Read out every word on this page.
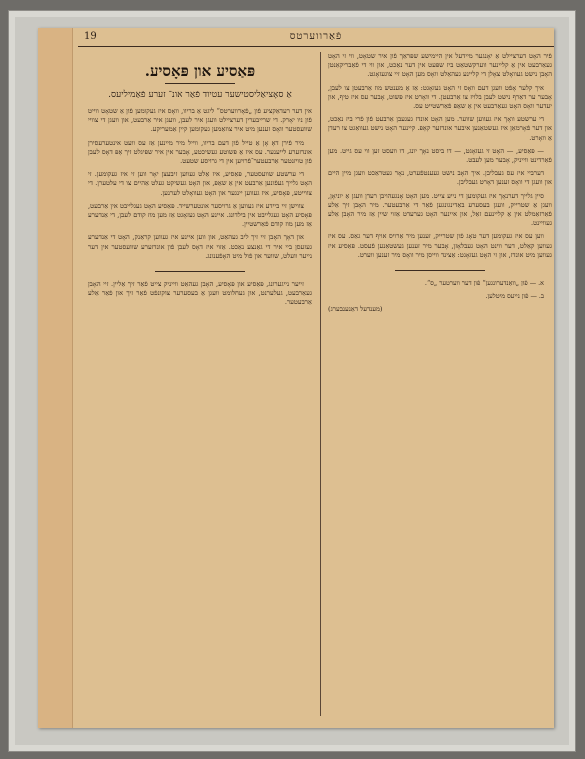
19	פֿאַרווערטס

פֿיר האָט דערציילט אַ יאָנגער מיידעל אין היימישע שפּראַך פֿון איר שטאָט, ווי זי האָט געאַרבעט אין אַ קליינער ווערקשטאַט ביז שפּעט אין דער נאַכט, און ווי די פֿאַבריקאַנטן האָבן נישט געוואָלט צאָלן די קליינע געהאַלט וואָס מען האָט זיי צוגעזאָגט.

איך קלער אָפֿט וועגן דעם וואָס זי האָט געזאָגט: אַז אַ מענטש מוז אַרבעטן צו לעבן, אָבער ער דאַרף נישט לעבן בלויז צו אַרבעטן. די וואָרט איז פּשוט, אָבער עס איז טיף, און יעדער וואָס האָט געאַרבעט אין אַ שאַפּ פֿאַרשטייט עס.

די ערשטע וואָך איז געווען שווער. מען האָט אונדז געגעבן אַרבעט פֿון פֿרי ביז נאַכט, און דער פֿאָרמאַן איז געשטאַנען איבער אונדזער קאָפּ. קיינער האָט נישט געוואַגט צו רעדן אַ וואָרט.

— פּאַסיע, — האָט זי געזאָגט, — דו ביסט נאָך יונג, דו וועסט זען ווי עס גייט. מען פֿאַרדינט ווייניק, אָבער מען לעבט.

דערביי איז עס געבליבן. איך האָב נישט געענטפֿערט, נאָר געטראַכט וועגן מיין היים און וועגן די וואָס זענען דאָרט געבליבן.

סיין גלייך דערנאָך איז געקומען די נייע צייט. מען האָט אָנגעהויבן רעדן וועגן אַ יוניאָן, וועגן אַ שטרייק, וועגן בעסערע באַדינגונגען פֿאַר די אַרבעטער. מיר האָבן זיך אַלע פֿאַרזאַמלט אין אַ קליינעם זאַל, און איינער האָט גערעדט אַזוי שיין אַז מיר האָבן אַלע געוויינט.

ווען עס איז געקומען דער טאָג פֿון שטרייק, זענען מיר אַרויס אויף דער גאַס. עס איז געווען קאַלט, דער ווינט האָט געבלאָזן, אָבער מיר זענען געשטאַנען פֿעסט. פּאַסיע איז געווען מיט אונדז, און זי האָט געזאָגט: אַצינד ווייסן מיר וואָס מיר זענען ווערט.

א. — פֿון „וואַנדערונגען“ פֿון דער ווערטער „ס“.

ב. — פֿון נייעס מיטלען.

(מענדעל דאַנענבערג)

פּאַסיע און פּאָסיע.
אַ סאָציאַליסטישער עטיוד פֿאַר אונ־ זערע פֿאַמיליעס.

אין דער רעדאַקציע פֿון „פֿאָרווערטס“ ליגט אַ בריוו, וואָס איז געקומען פֿון אַ שטאָט ווייט פֿון ניו יאָרק. די שרייבערין דערציילט וועגן איר לעבן, וועגן איר אַרבעט, און וועגן די צוויי שוועסטער וואָס זענען מיט איר צוזאַמען געקומען קיין אַמעריקע.

מיר פֿירן דאָ אָן אַ טייל פֿון דעם בריוו, ווייל מיר מיינען אַז עס וועט אינטערעסירן אונדזערע לייענער. עס איז אַ פּשוטע געשיכטע, אָבער אין איר שפּיגלט זיך אָפּ דאָס לעבן פֿון טויזנטער אַרבעטער־פֿרויען אין די גרויסע שטעט.

די ערשטע שוועסטער, פּאַסיע, איז אַלט געווען זיבעצן יאָר ווען זי איז געקומען. זי האָט גלייך געפֿונען אַרבעט אין אַ שאַפּ, און האָט געשיקט געלט אַהיים צו די עלטערן. די צווייטע, פּאָסיע, איז געווען יינגער און האָט געוואָלט לערנען.

צווישן זיי ביידע איז געווען אַ גרויסער אונטערשייד. פּאַסיע האָט געגלייבט אין אַרבעט, פּאָסיע האָט געגלייבט אין בילדונג. איינע האָט געזאָגט אַז מען מוז קודם לעבן, די אַנדערע אַז מען מוז קודם פֿאַרשטיין.

און דאָך האָבן זיי זיך ליב געהאַט, און ווען איינע איז געווען קראַנק, האָט די אַנדערע געזעסן ביי איר די גאַנצע נאַכט. אַזוי איז דאָס לעבן פֿון אונדזערע שוועסטער אין דער נייער וועלט, שווער און פֿול מיט האָפֿענונג.

זייער נייגערונג, פּאַסיע און פּאָסיע, האָבן געהאַט ווייניק צייט פֿאַר זיך אַליין. זיי האָבן געאַרבעט, געלערנט, און געחלומט וועגן אַ בעסערער צוקונפֿט פֿאַר זיך און פֿאַר אַלע אַרבעטער.
